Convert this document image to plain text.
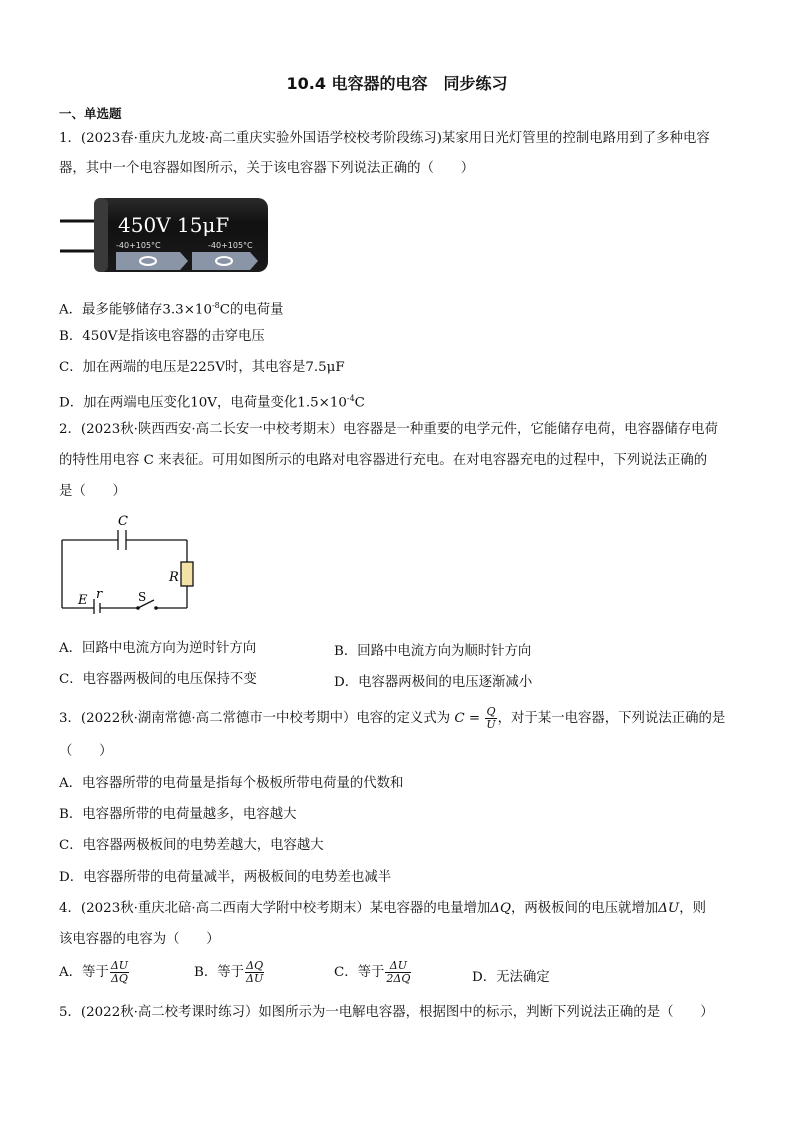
10.4 电容器的电容　同步练习
一、单选题
1．(2023春·重庆九龙坡·高二重庆实验外国语学校校考阶段练习)某家用日光灯管里的控制电路用到了多种电容
器，其中一个电容器如图所示，关于该电容器下列说法正确的（　　）
450V 15μF
-40+105°C	-40+105°C
A．最多能够储存$3.3\times 10^{-8}C$的电荷量
B．450V是指该电容器的击穿电压
C．加在两端的电压是225V时，其电容是7.5μF
D．加在两端电压变化10V，电荷量变化$1.5\times 10^{-4}C$
2．(2023秋·陕西西安·高二长安一中校考期末）电容器是一种重要的电学元件，它能储存电荷，电容器储存电荷
的特性用电容 C 来表征。可用如图所示的电路对电容器进行充电。在对电容器充电的过程中，下列说法正确的
是（　　）
C
R
E r	S
A．回路中电流方向为逆时针方向	B．回路中电流方向为顺时针方向
C．电容器两极间的电压保持不变	D．电容器两极间的电压逐渐减小
3．(2022秋·湖南常德·高二常德市一中校考期中）电容的定义式为 $C = \frac{Q}{U}$ ，对于某一电容器，下列说法正确的是
（　　）
A．电容器所带的电荷量是指每个极板所带电荷量的代数和
B．电容器所带的电荷量越多，电容越大
C．电容器两极板间的电势差越大，电容越大
D．电容器所带的电荷量减半，两极板间的电势差也减半
4．(2023秋·重庆北碚·高二西南大学附中校考期末）某电容器的电量增加ΔQ，两极板间的电压就增加ΔU，则
该电容器的电容为（　　）
A．等于 $\frac{\Delta U}{\Delta Q}$	B．等于 $\frac{\Delta Q}{\Delta U}$	C．等于 $\frac{\Delta U}{2\Delta Q}$	D．无法确定
5．(2022秋·高二校考课时练习）如图所示为一电解电容器，根据图中的标示，判断下列说法正确的是（　　）
